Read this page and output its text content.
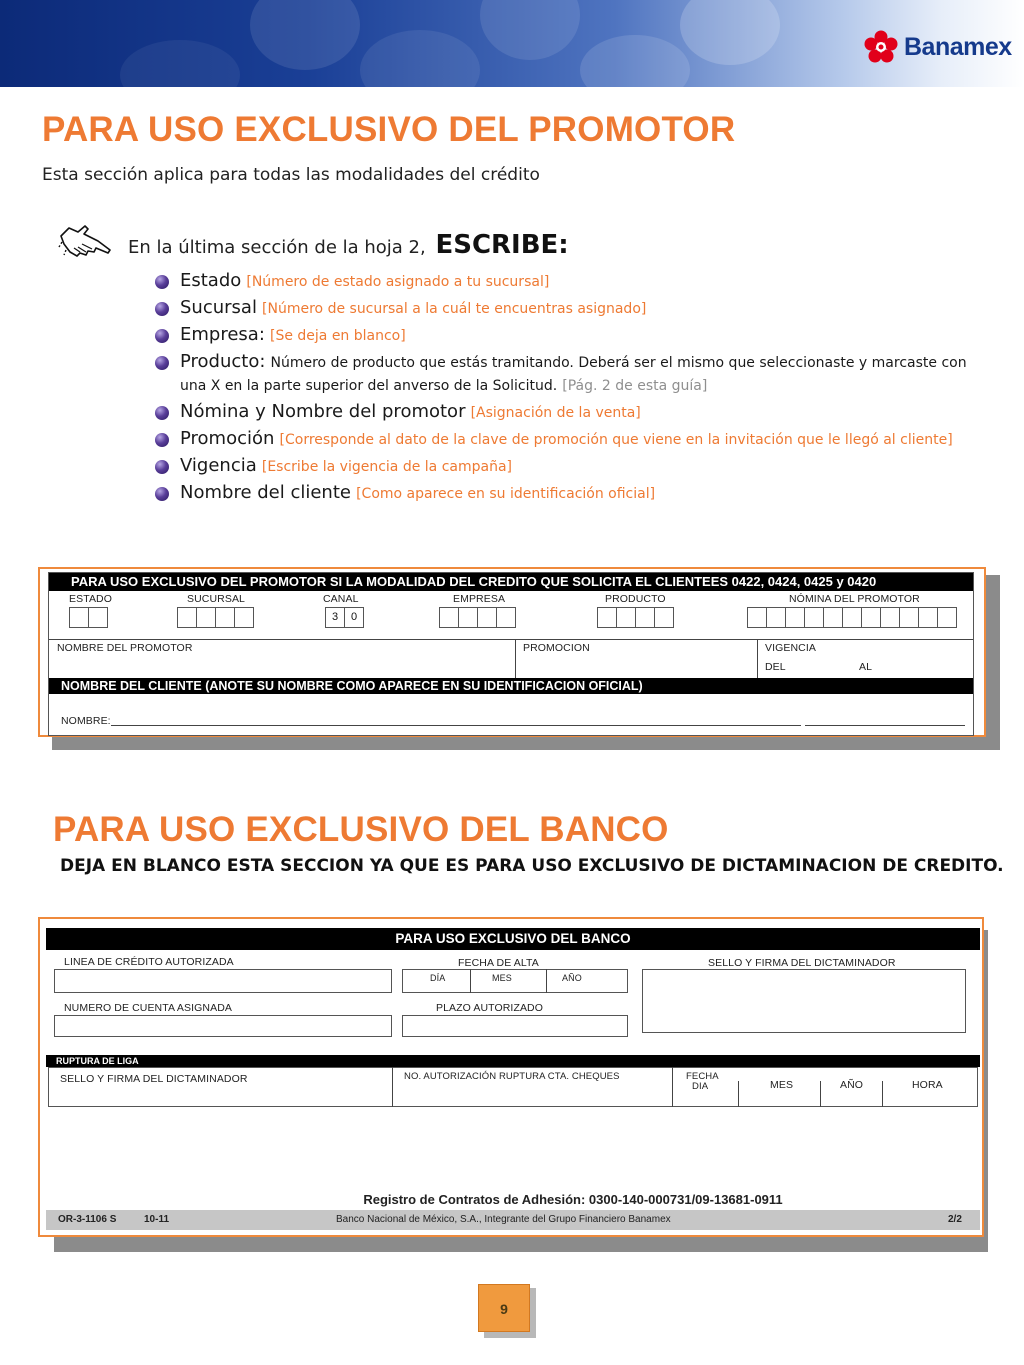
Banamex
PARA USO EXCLUSIVO DEL PROMOTOR
Esta sección aplica para todas las modalidades del crédito
En la última sección de la hoja 2, ESCRIBE:
Estado [Número de estado asignado a tu sucursal]
Sucursal [Número de sucursal a la cuál te encuentras asignado]
Empresa: [Se deja en blanco]
Producto: Número de producto que estás tramitando. Deberá ser el mismo que seleccionaste y marcaste con una X en la parte superior del anverso de la Solicitud. [Pág. 2 de esta guía]
Nómina y Nombre del promotor [Asignación de la venta]
Promoción [Corresponde al dato de la clave de promoción que viene en la invitación que le llegó al cliente]
Vigencia [Escribe la vigencia de la campaña]
Nombre del cliente [Como aparece en su identificación oficial]
PARA USO EXCLUSIVO DEL PROMOTOR SI LA MODALIDAD DEL CREDITO QUE SOLICITA EL CLIENTEES 0422, 0424, 0425 y 0420
ESTADO	SUCURSAL	CANAL	EMPRESA	PRODUCTO	NÓMINA DEL PROMOTOR
3	0
NOMBRE DEL PROMOTOR	PROMOCION	VIGENCIA
DEL	AL
NOMBRE DEL CLIENTE (ANOTE SU NOMBRE COMO APARECE EN SU IDENTIFICACION OFICIAL)
NOMBRE:
PARA USO EXCLUSIVO DEL BANCO
DEJA EN BLANCO ESTA SECCION YA QUE ES PARA USO EXCLUSIVO DE DICTAMINACION DE CREDITO.
PARA USO EXCLUSIVO DEL BANCO
LINEA DE CRÉDITO AUTORIZADA	FECHA DE ALTA
DÍA	MES	AÑO
SELLO Y FIRMA DEL DICTAMINADOR
NUMERO DE CUENTA ASIGNADA	PLAZO AUTORIZADO
RUPTURA DE LIGA
SELLO Y FIRMA DEL DICTAMINADOR	NO. AUTORIZACIÓN RUPTURA CTA. CHEQUES	FECHA
DIA	MES	AÑO	HORA
Registro de Contratos de Adhesión: 0300-140-000731/09-13681-0911
OR-3-1106 S	10-11	Banco Nacional de México, S.A., Integrante del Grupo Financiero Banamex	2/2
9
